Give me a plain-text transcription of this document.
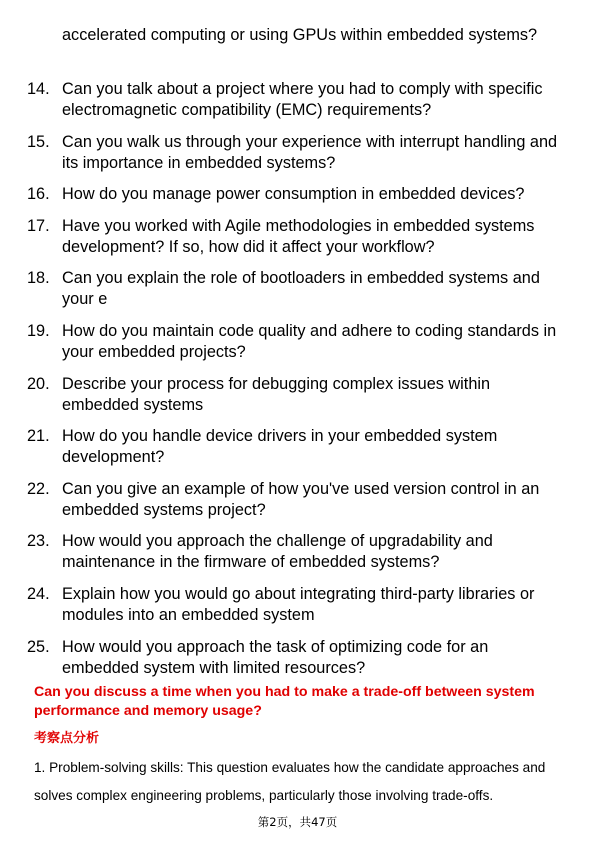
accelerated computing or using GPUs within embedded systems?
14. Can you talk about a project where you had to comply with specific electromagnetic compatibility (EMC) requirements?
15. Can you walk us through your experience with interrupt handling and its importance in embedded systems?
16. How do you manage power consumption in embedded devices?
17. Have you worked with Agile methodologies in embedded systems development? If so, how did it affect your workflow?
18. Can you explain the role of bootloaders in embedded systems and your e
19. How do you maintain code quality and adhere to coding standards in your embedded projects?
20. Describe your process for debugging complex issues within embedded systems
21. How do you handle device drivers in your embedded system development?
22. Can you give an example of how you've used version control in an embedded systems project?
23. How would you approach the challenge of upgradability and maintenance in the firmware of embedded systems?
24. Explain how you would go about integrating third-party libraries or modules into an embedded system
25. How would you approach the task of optimizing code for an embedded system with limited resources?
Can you discuss a time when you had to make a trade-off between system performance and memory usage?
考察点分析
1. Problem-solving skills: This question evaluates how the candidate approaches and solves complex engineering problems, particularly those involving trade-offs.
第2页，共47页
